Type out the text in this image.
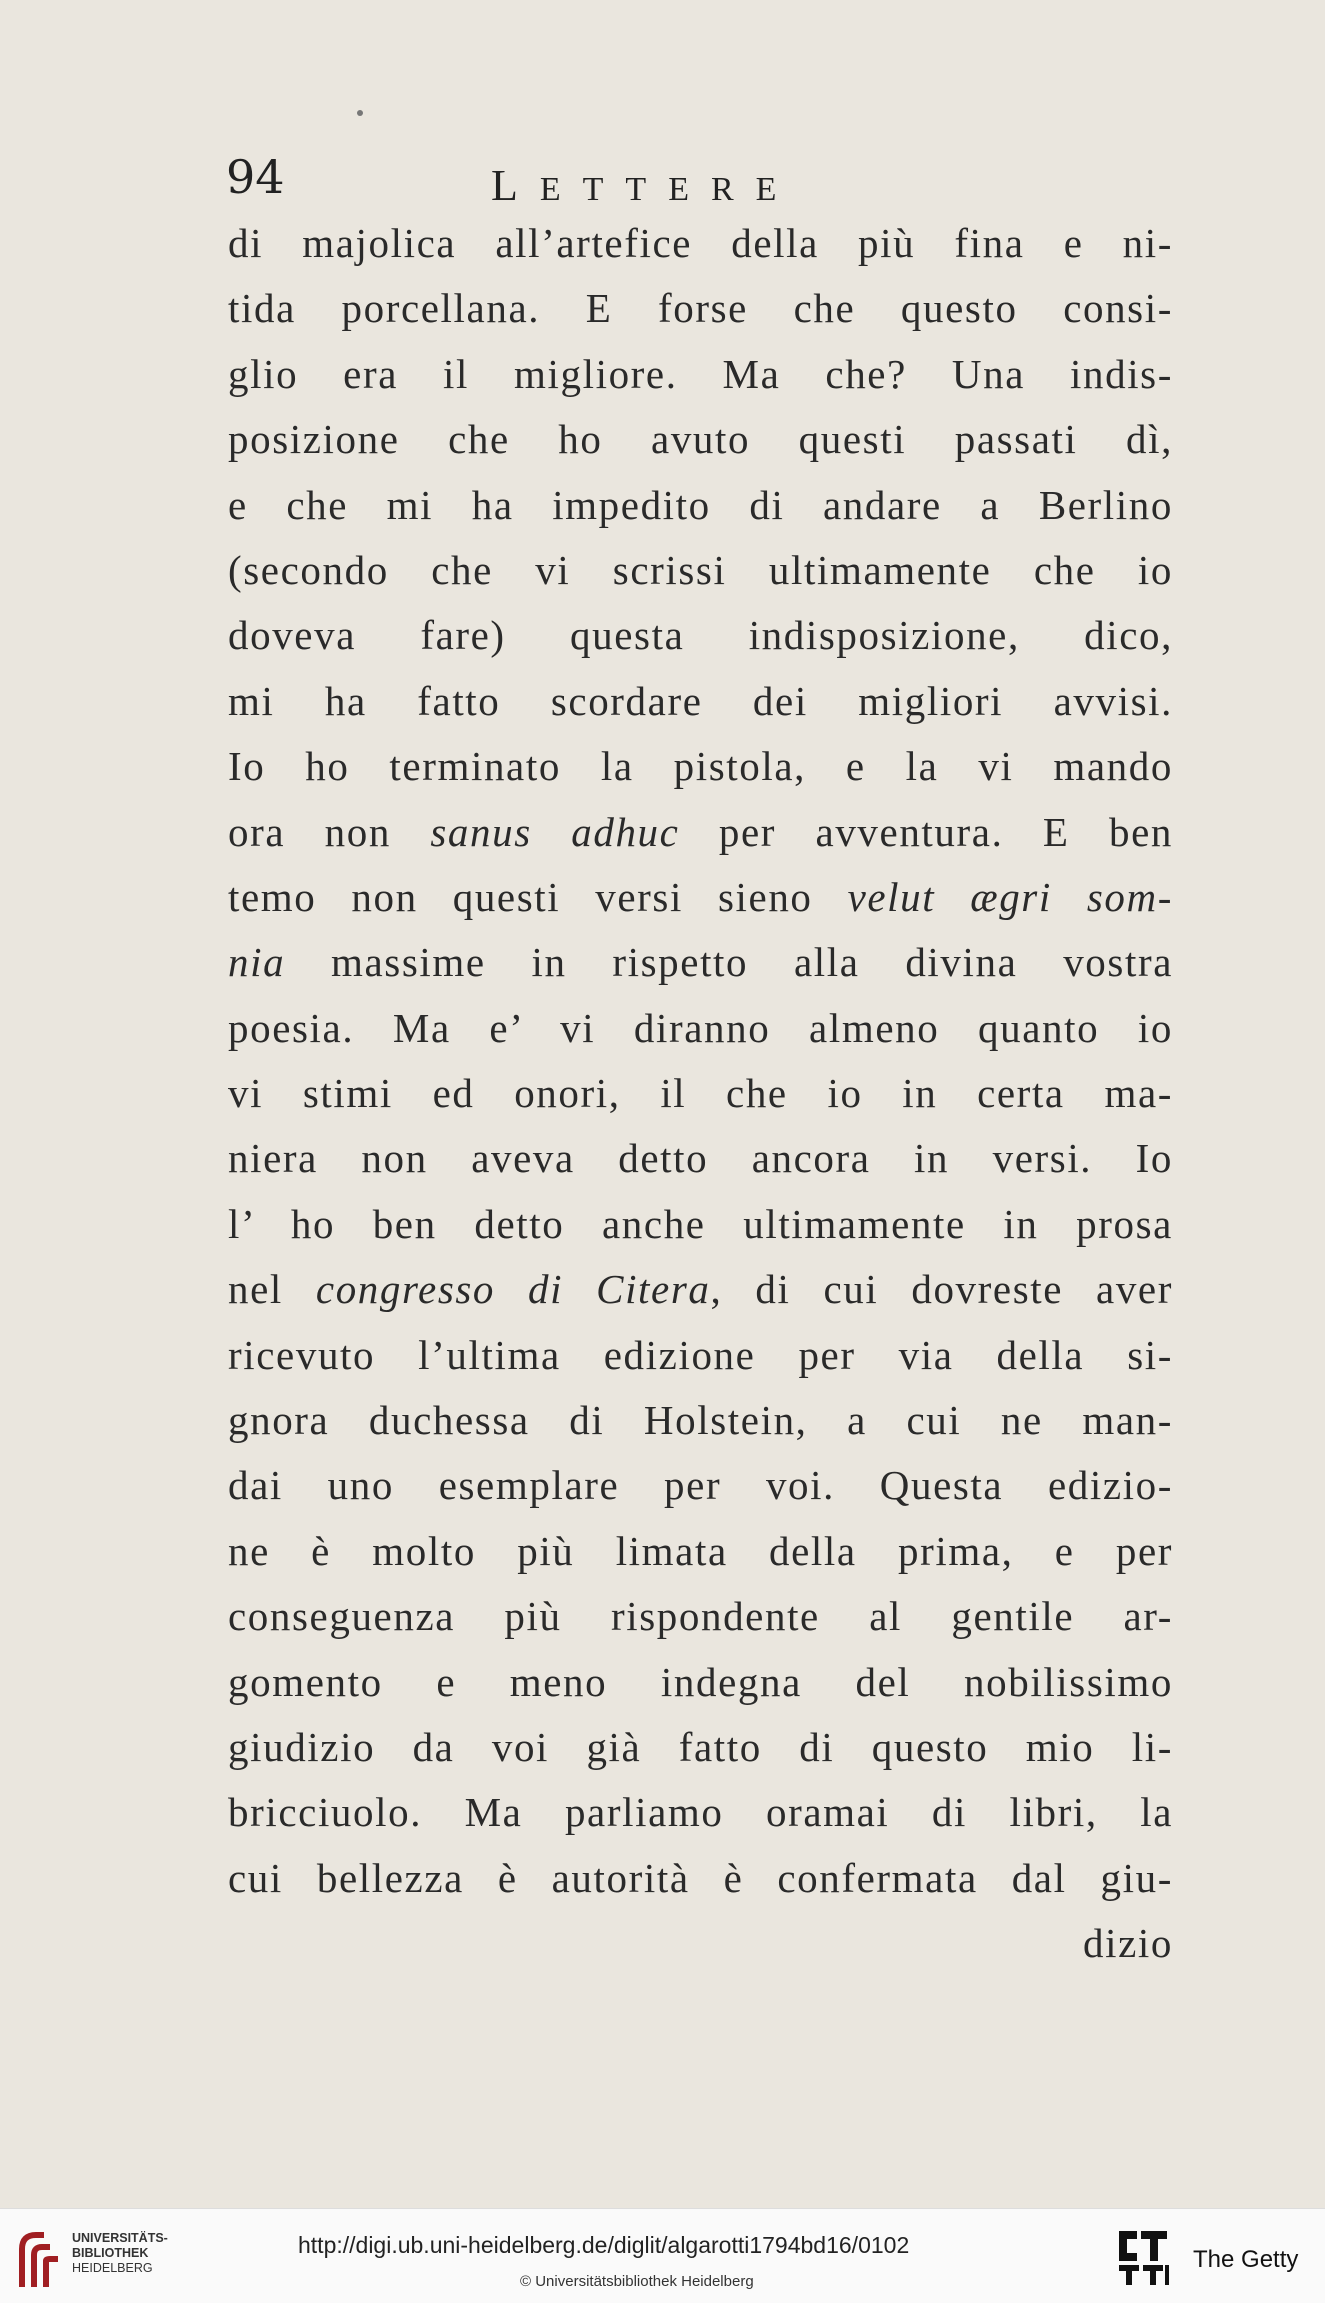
94	LETTERE
di majolica all’artefice della più fina e ni-
tida porcellana. E forse che questo consi-
glio era il migliore. Ma che? Una indis-
posizione che ho avuto questi passati dì,
e che mi ha impedito di andare a Berlino
(secondo che vi scrissi ultimamente che io
doveva fare) questa indisposizione, dico,
mi ha fatto scordare dei migliori avvisi.
Io ho terminato la pistola, e la vi mando
ora non sanus adhuc per avventura. E ben
temo non questi versi sieno velut ægri som-
nia massime in rispetto alla divina vostra
poesia. Ma e’ vi diranno almeno quanto io
vi stimi ed onori, il che io in certa ma-
niera non aveva detto ancora in versi. Io
l’ ho ben detto anche ultimamente in prosa
nel congresso di Citera, di cui dovreste aver
ricevuto l’ultima edizione per via della si-
gnora duchessa di Holstein, a cui ne man-
dai uno esemplare per voi. Questa edizio-
ne è molto più limata della prima, e per
conseguenza più rispondente al gentile ar-
gomento e meno indegna del nobilissimo
giudizio da voi già fatto di questo mio li-
bricciuolo. Ma parliamo oramai di libri, la
cui bellezza è autorità è confermata dal giu-
dizio
UNIVERSITÄTS-
BIBLIOTHEK
HEIDELBERG
http://digi.ub.uni-heidelberg.de/diglit/algarotti1794bd16/0102
© Universitätsbibliothek Heidelberg
The Getty
